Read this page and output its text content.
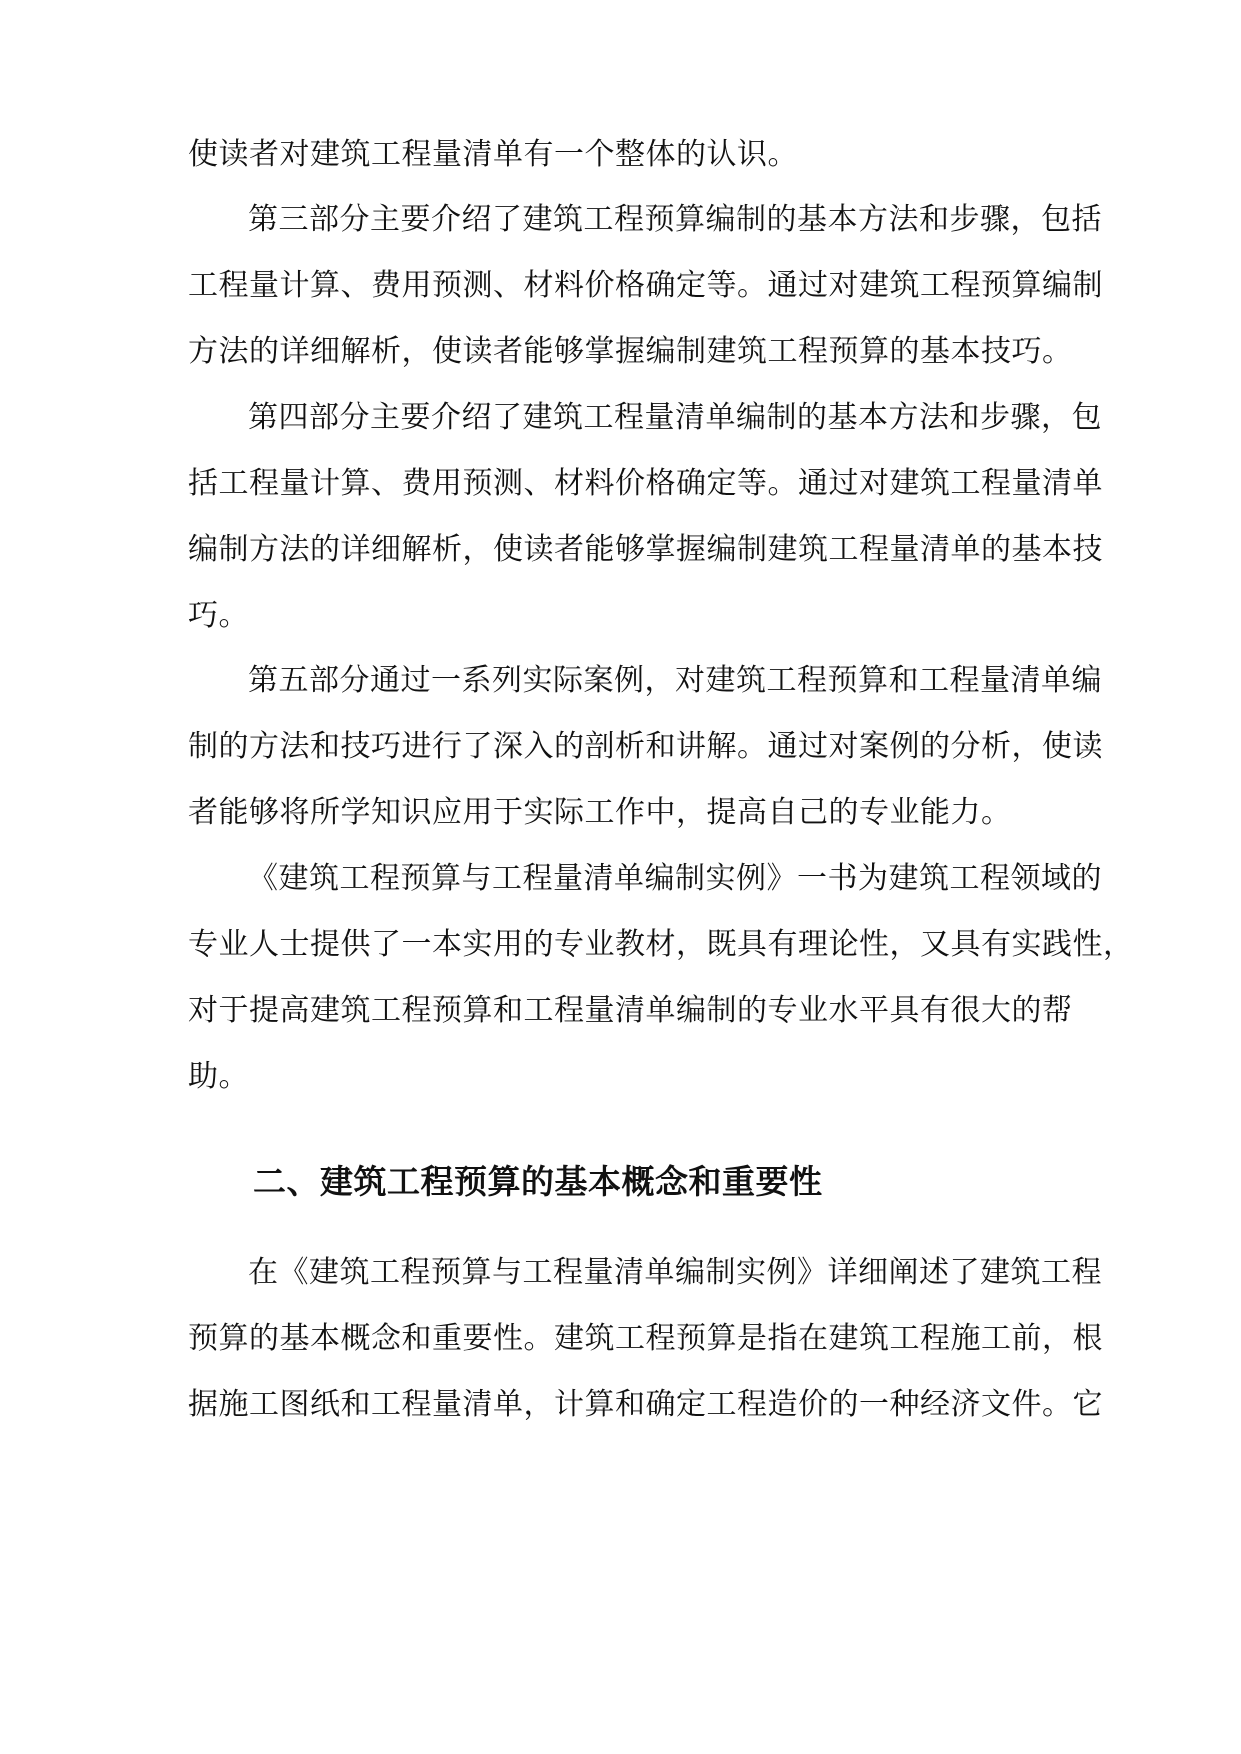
使读者对建筑工程量清单有一个整体的认识。
第三部分主要介绍了建筑工程预算编制的基本方法和步骤，包括
工程量计算、费用预测、材料价格确定等。通过对建筑工程预算编制
方法的详细解析，使读者能够掌握编制建筑工程预算的基本技巧。
第四部分主要介绍了建筑工程量清单编制的基本方法和步骤，包
括工程量计算、费用预测、材料价格确定等。通过对建筑工程量清单
编制方法的详细解析，使读者能够掌握编制建筑工程量清单的基本技
巧。
第五部分通过一系列实际案例，对建筑工程预算和工程量清单编
制的方法和技巧进行了深入的剖析和讲解。通过对案例的分析，使读
者能够将所学知识应用于实际工作中，提高自己的专业能力。
《建筑工程预算与工程量清单编制实例》一书为建筑工程领域的
专业人士提供了一本实用的专业教材，既具有理论性，又具有实践性，
对于提高建筑工程预算和工程量清单编制的专业水平具有很大的帮
助。
二、建筑工程预算的基本概念和重要性
在《建筑工程预算与工程量清单编制实例》详细阐述了建筑工程
预算的基本概念和重要性。建筑工程预算是指在建筑工程施工前，根
据施工图纸和工程量清单，计算和确定工程造价的一种经济文件。它
